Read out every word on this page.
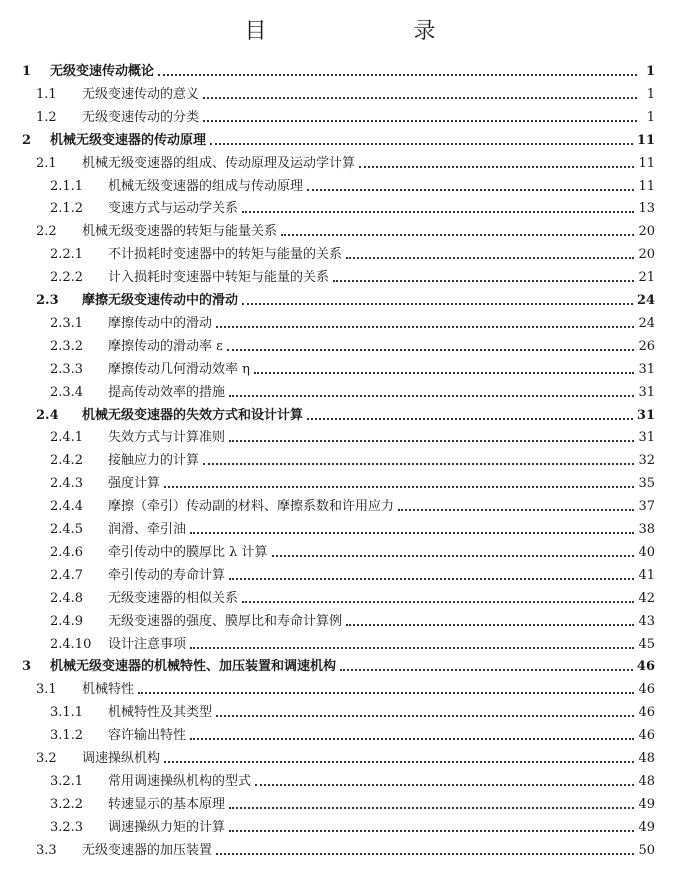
目 录
1	无级变速传动概论	1
1.1	无级变速传动的意义	1
1.2	无级变速传动的分类	1
2	机械无级变速器的传动原理	11
2.1	机械无级变速器的组成、传动原理及运动学计算	11
2.1.1	机械无级变速器的组成与传动原理	11
2.1.2	变速方式与运动学关系	13
2.2	机械无级变速器的转矩与能量关系	20
2.2.1	不计损耗时变速器中的转矩与能量的关系	20
2.2.2	计入损耗时变速器中转矩与能量的关系	21
2.3	摩擦无级变速传动中的滑动	24
2.3.1	摩擦传动中的滑动	24
2.3.2	摩擦传动的滑动率 ε	26
2.3.3	摩擦传动几何滑动效率 η	31
2.3.4	提高传动效率的措施	31
2.4	机械无级变速器的失效方式和设计计算	31
2.4.1	失效方式与计算准则	31
2.4.2	接触应力的计算	32
2.4.3	强度计算	35
2.4.4	摩擦（牵引）传动副的材料、摩擦系数和许用应力	37
2.4.5	润滑、牵引油	38
2.4.6	牵引传动中的膜厚比 λ 计算	40
2.4.7	牵引传动的寿命计算	41
2.4.8	无级变速器的相似关系	42
2.4.9	无级变速器的强度、膜厚比和寿命计算例	43
2.4.10	设计注意事项	45
3	机械无级变速器的机械特性、加压装置和调速机构	46
3.1	机械特性	46
3.1.1	机械特性及其类型	46
3.1.2	容许输出特性	46
3.2	调速操纵机构	48
3.2.1	常用调速操纵机构的型式	48
3.2.2	转速显示的基本原理	49
3.2.3	调速操纵力矩的计算	49
3.3	无级变速器的加压装置	50
